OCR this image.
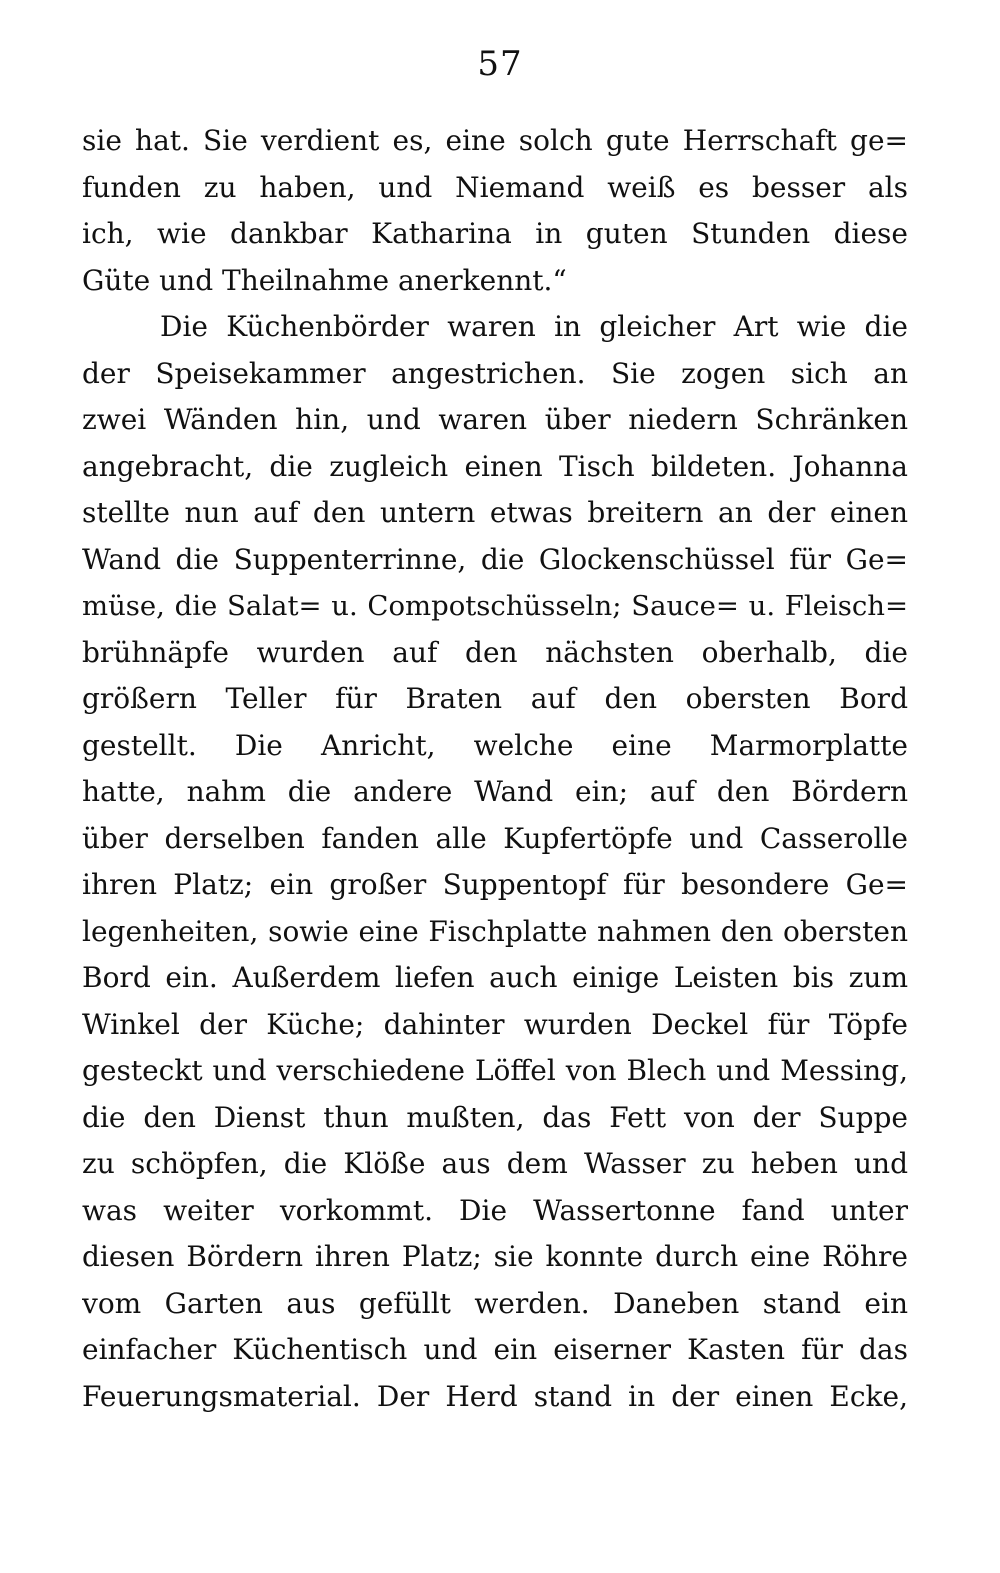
57
sie hat. Sie verdient es, eine solch gute Herrschaft ge=
funden zu haben, und Niemand weiß es besser als
ich, wie dankbar Katharina in guten Stunden diese
Güte und Theilnahme anerkennt.“
Die Küchenbörder waren in gleicher Art wie die
der Speisekammer angestrichen. Sie zogen sich an
zwei Wänden hin, und waren über niedern Schränken
angebracht, die zugleich einen Tisch bildeten. Johanna
stellte nun auf den untern etwas breitern an der einen
Wand die Suppenterrinne, die Glockenschüssel für Ge=
müse, die Salat= u. Compotschüsseln; Sauce= u. Fleisch=
brühnäpfe wurden auf den nächsten oberhalb, die
größern Teller für Braten auf den obersten Bord
gestellt. Die Anricht, welche eine Marmorplatte
hatte, nahm die andere Wand ein; auf den Bördern
über derselben fanden alle Kupfertöpfe und Casserolle
ihren Platz; ein großer Suppentopf für besondere Ge=
legenheiten, sowie eine Fischplatte nahmen den obersten
Bord ein. Außerdem liefen auch einige Leisten bis zum
Winkel der Küche; dahinter wurden Deckel für Töpfe
gesteckt und verschiedene Löffel von Blech und Messing,
die den Dienst thun mußten, das Fett von der Suppe
zu schöpfen, die Klöße aus dem Wasser zu heben und
was weiter vorkommt. Die Wassertonne fand unter
diesen Bördern ihren Platz; sie konnte durch eine Röhre
vom Garten aus gefüllt werden. Daneben stand ein
einfacher Küchentisch und ein eiserner Kasten für das
Feuerungsmaterial. Der Herd stand in der einen Ecke,
